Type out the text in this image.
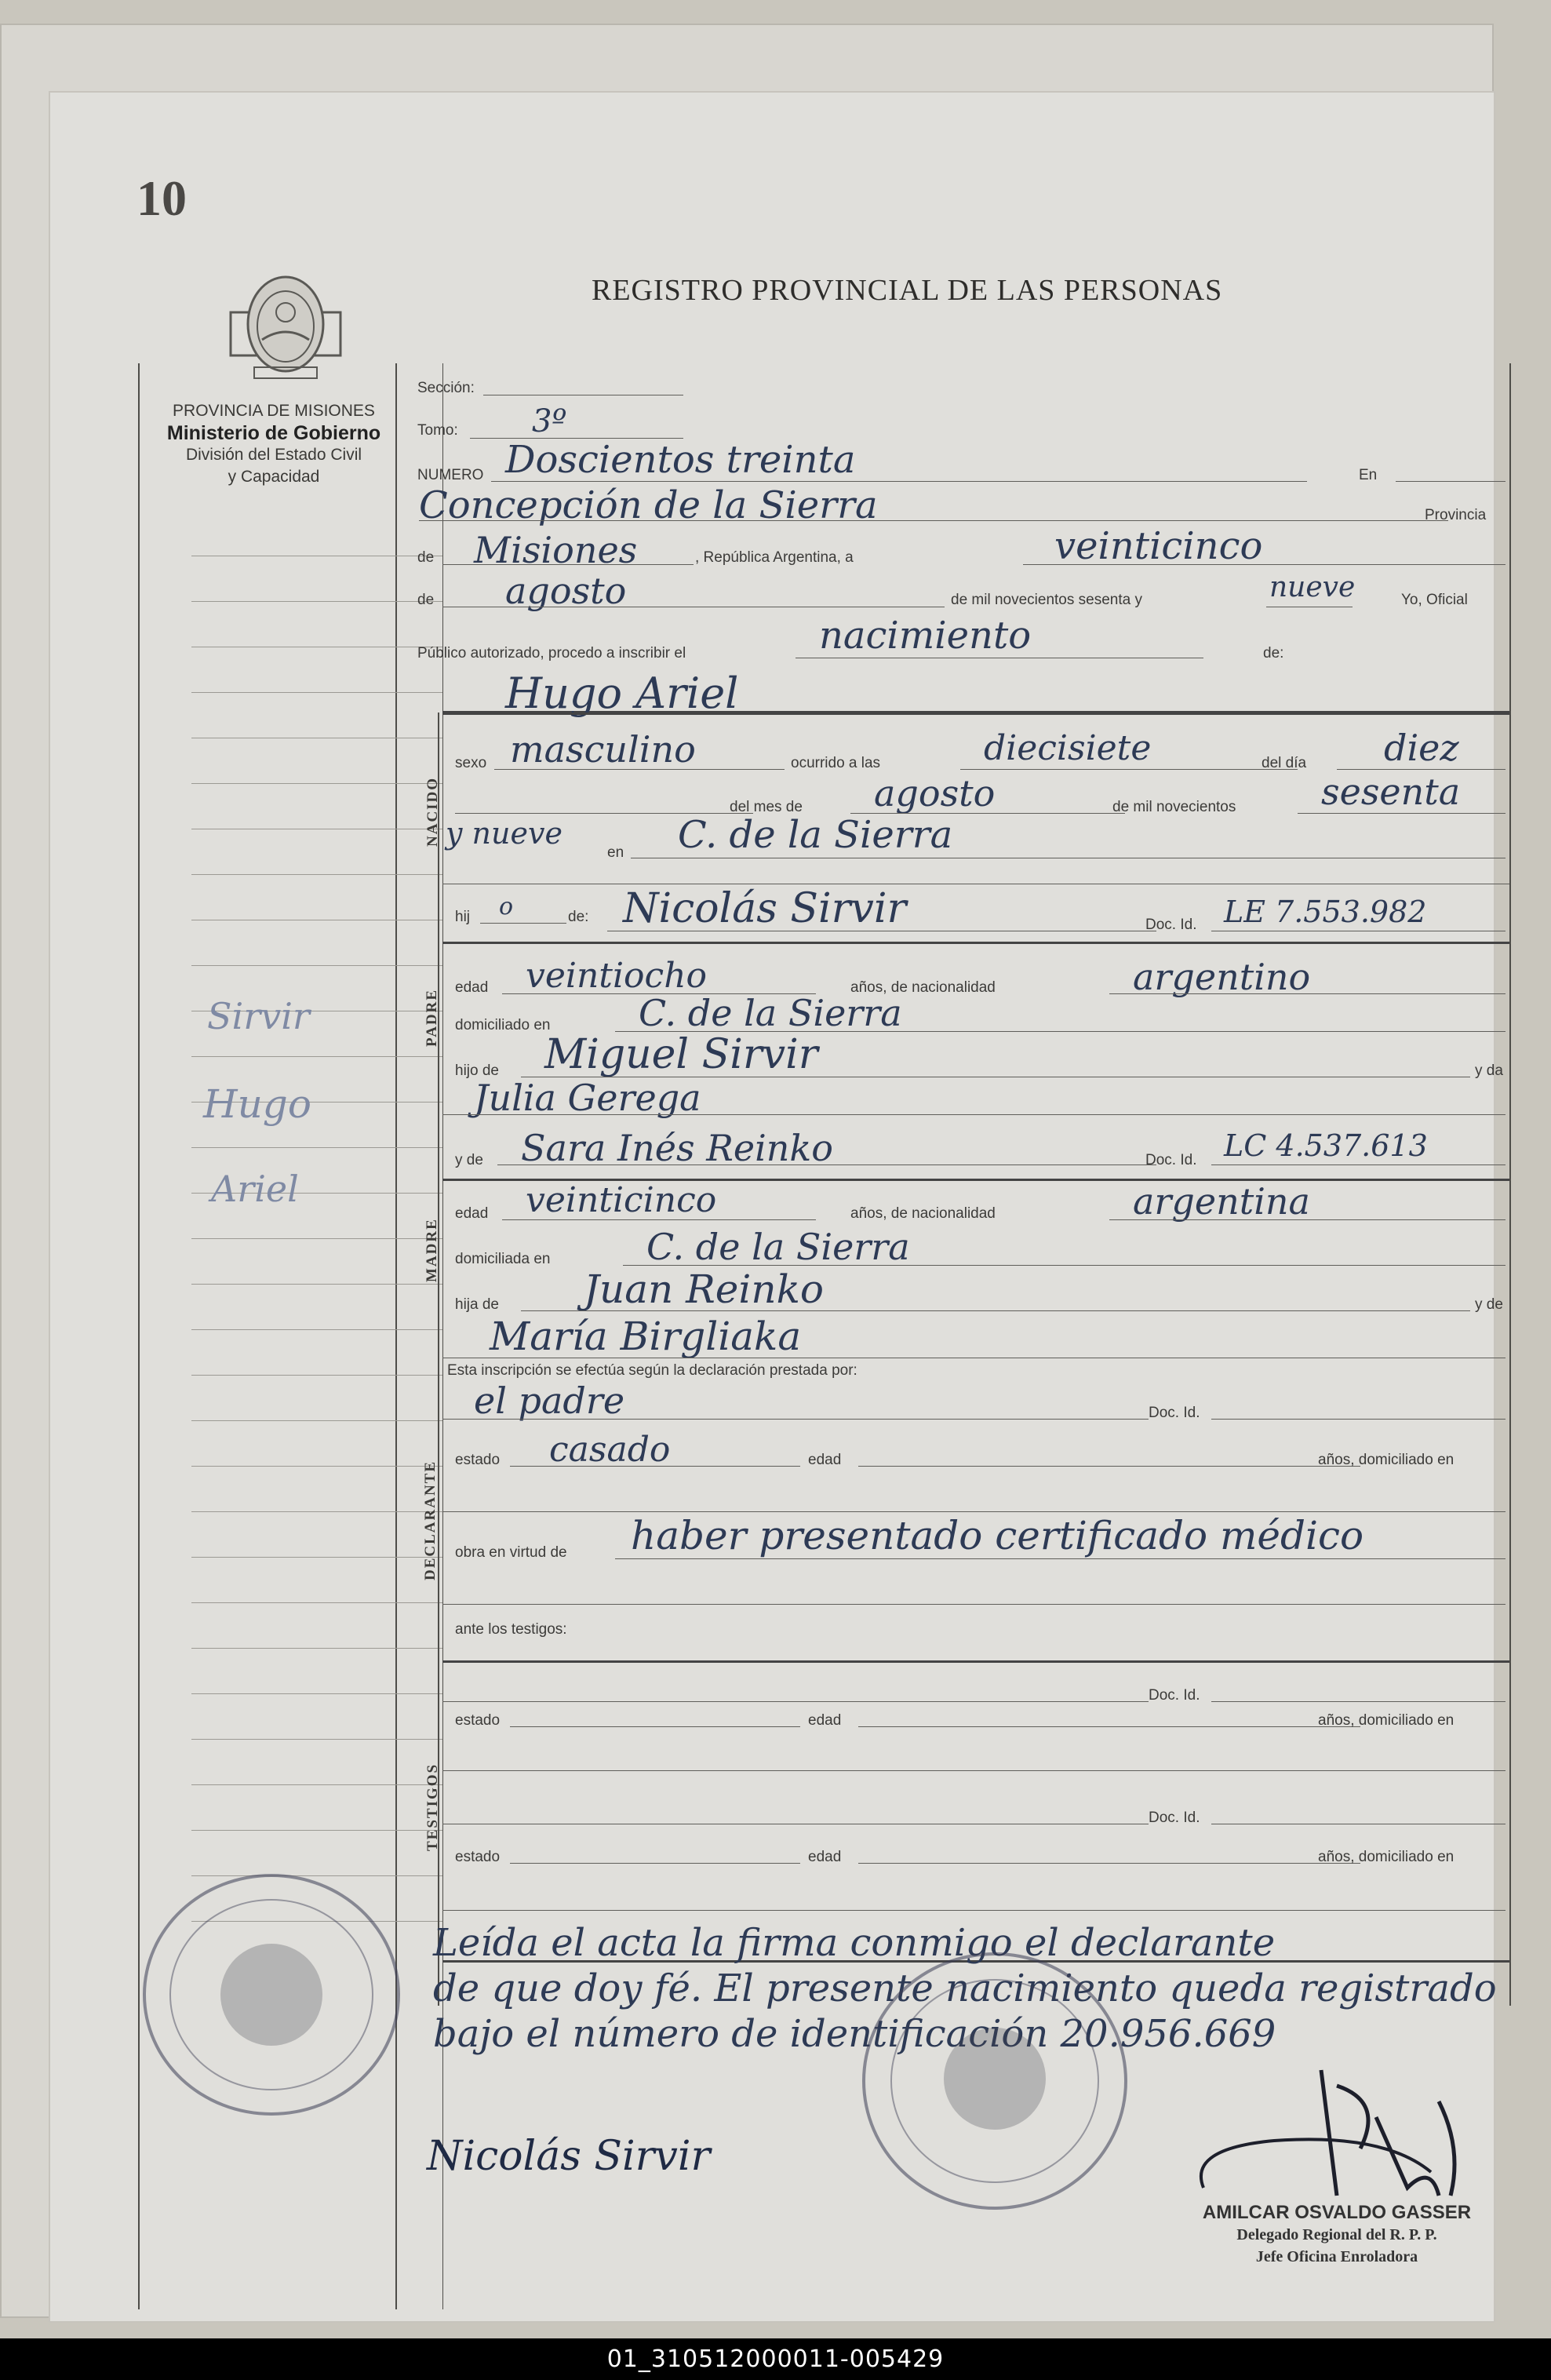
10
REGISTRO PROVINCIAL DE LAS PERSONAS
PROVINCIA DE MISIONES
Ministerio de Gobierno
División del Estado Civil
y Capacidad
Sirvir
Hugo
Ariel
Sección:
Tomo: 3º
NUMERO Doscientos treinta	En
Concepción de la Sierra	Provincia
de Misiones	, República Argentina, a	veinticinco
de agosto	de mil novecientos sesenta y	nueve	Yo, Oficial
Público autorizado, procedo a inscribir el	nacimiento	de:
Hugo Ariel
NACIDO
sexo masculino	ocurrido a las	diecisiete	del día diez
del mes de agosto	de mil novecientos sesenta
y nueve
en C. de la Sierra
hij o	de: Nicolás Sirvir	Doc. Id. LE 7.553.982
PADRE
edad veintiocho	años, de nacionalidad	argentino
domiciliado en C. de la Sierra
hijo de Miguel Sirvir	y da
Julia Gerega
y de Sara Inés Reinko	Doc. Id. LC 4.537.613
MADRE
edad veinticinco	años, de nacionalidad	argentina
domiciliada en	C. de la Sierra
hija de Juan Reinko	y de
María Birgliaka
Esta inscripción se efectúa según la declaración prestada por:
el padre	Doc. Id.
DECLARANTE
estado casado	edad	años, domiciliado en
obra en virtud de haber presentado certificado médico
ante los testigos:
TESTIGOS
Doc. Id.
estado	edad	años, domiciliado en
Doc. Id.
estado	edad	años, domiciliado en
Leída el acta la firma conmigo el declarante
de que doy fé. El presente nacimiento queda registrado
bajo el número de identificación 20.956.669
Nicolás Sirvir
AMILCAR OSVALDO GASSER
Delegado Regional del R. P. P.
Jefe Oficina Enroladora
01_310512000011-005429
